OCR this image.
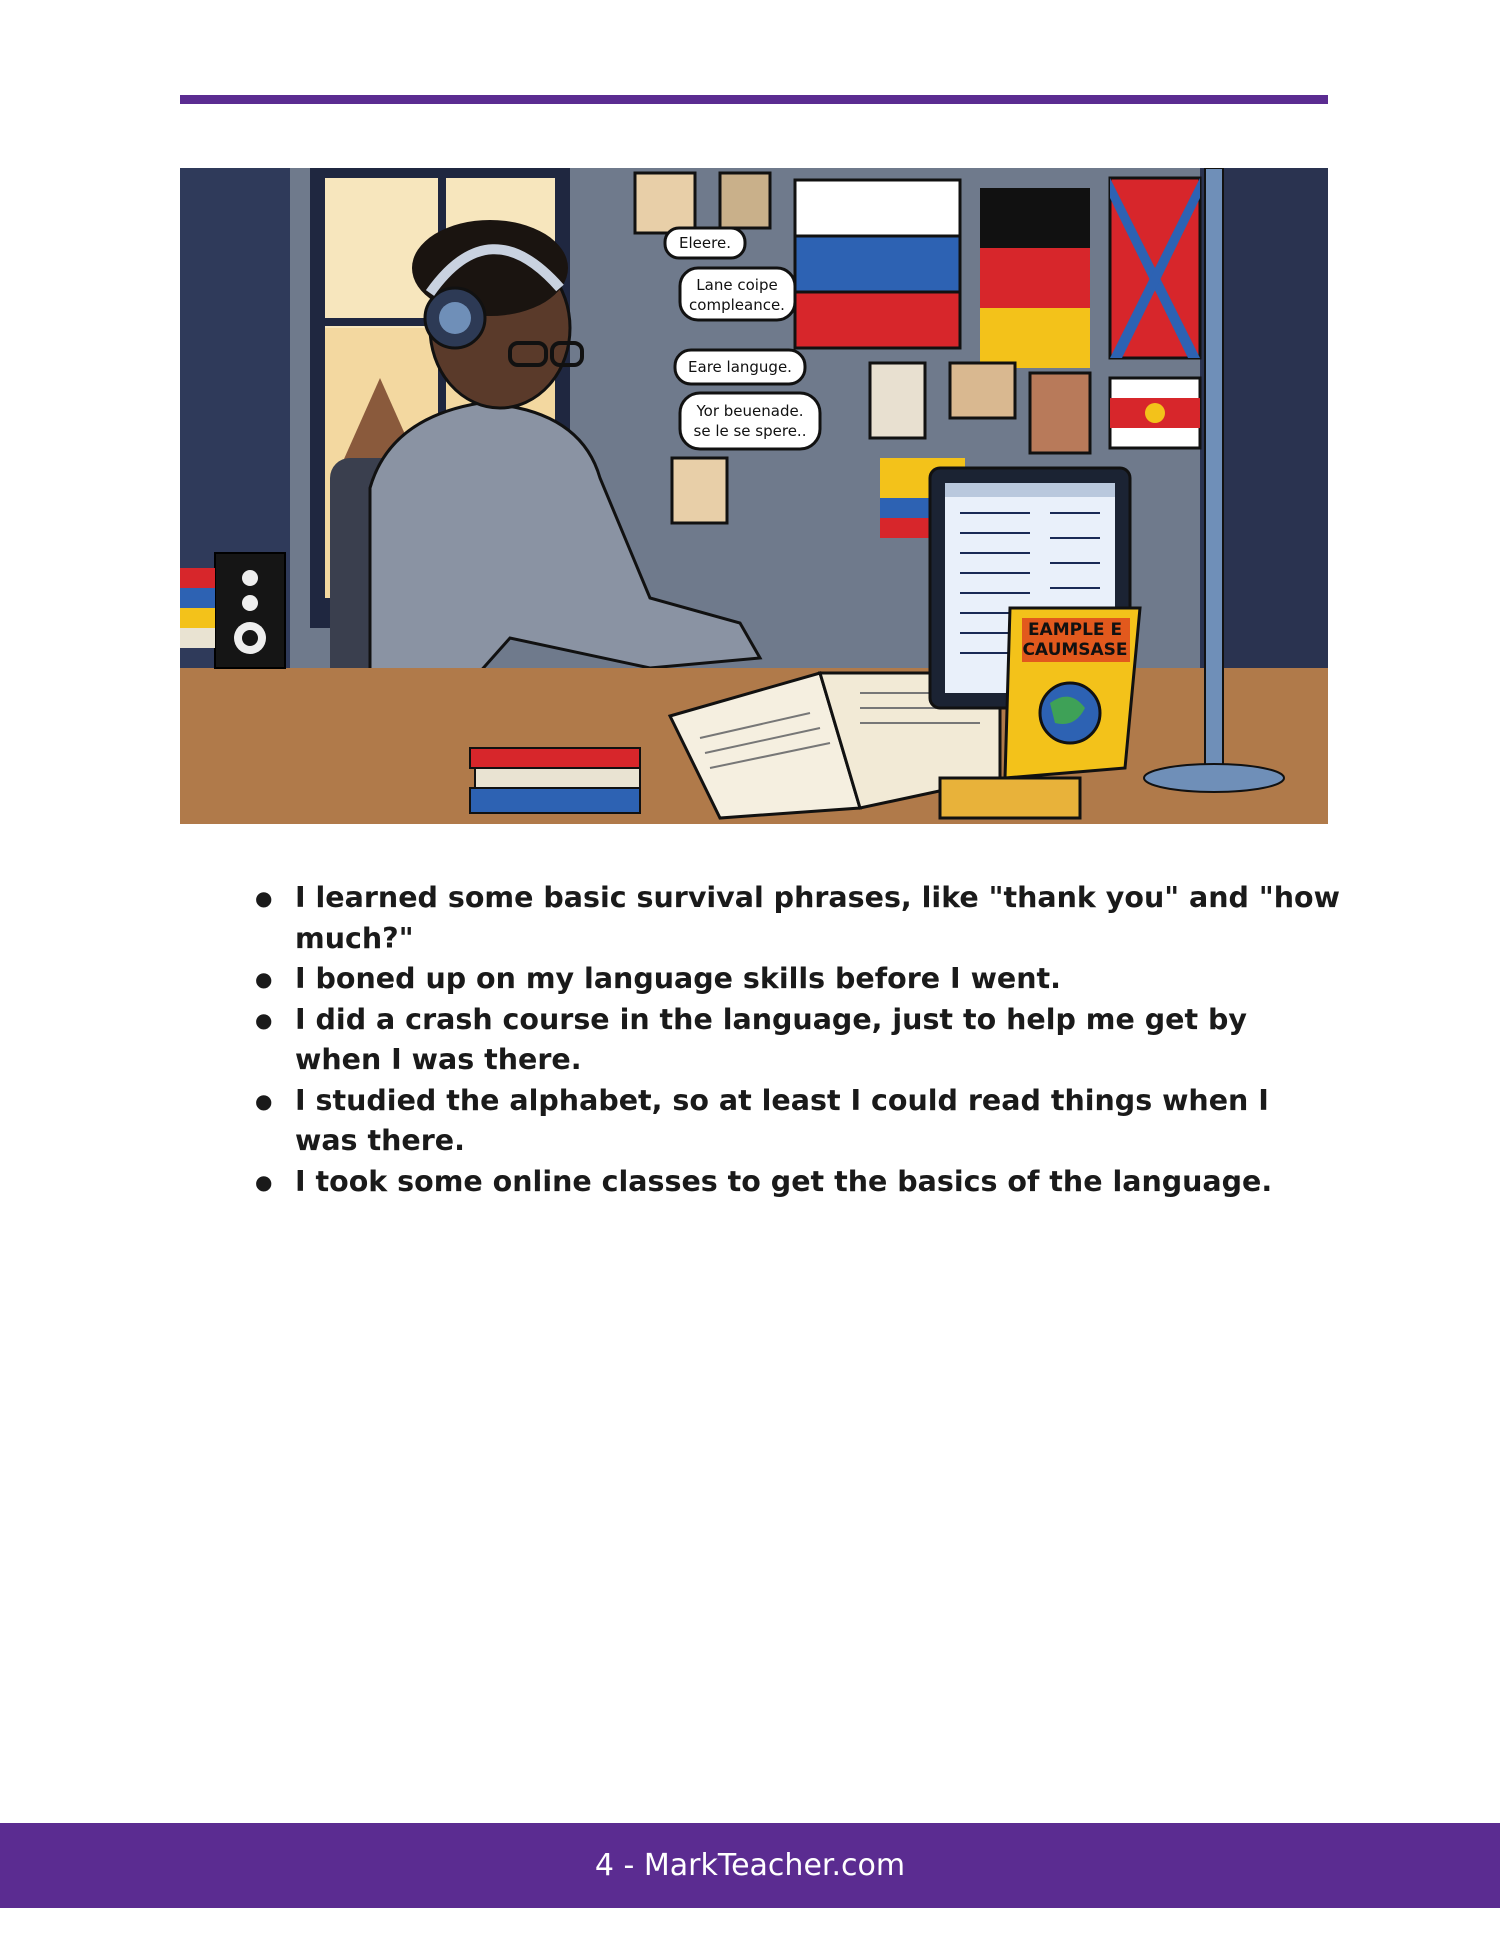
Eleere.
Lane coipe
compleance.
Eare languge.
Yor beuenade.
se le se spere..
EAMPLE E
CAUMSASE
● I learned some basic survival phrases, like "thank you" and "how much?"
● I boned up on my language skills before I went.
● I did a crash course in the language, just to help me get by when I was there.
● I studied the alphabet, so at least I could read things when I was there.
● I took some online classes to get the basics of the language.
4 - MarkTeacher.com
